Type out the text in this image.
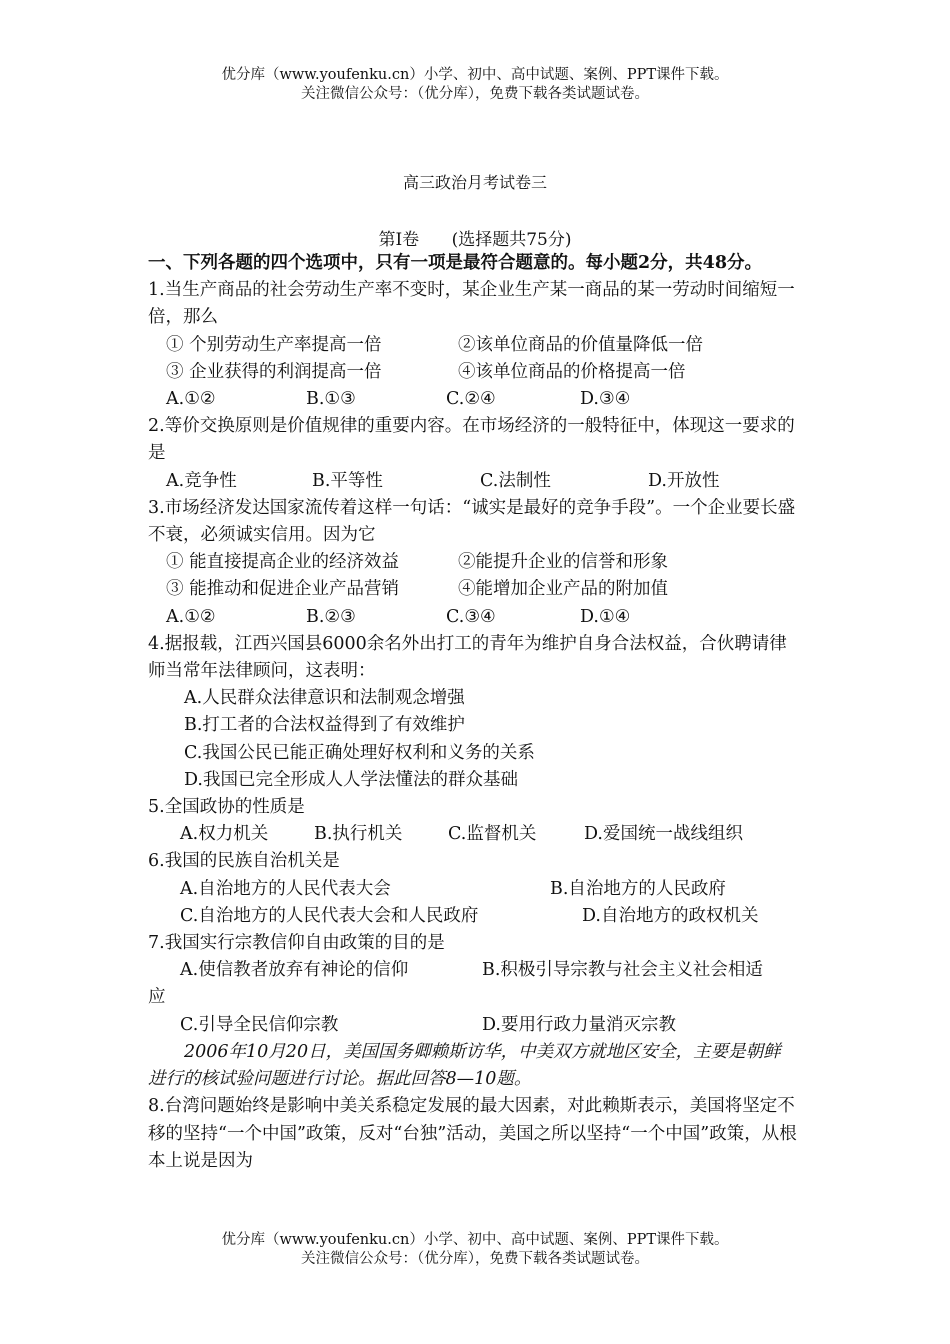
优分库（www.youfenku.cn）小学、初中、高中试题、案例、PPT课件下载。
关注微信公众号：（优分库），免费下载各类试题试卷。
高三政治月考试卷三
第Ⅰ卷      (选择题共75分)
一、下列各题的四个选项中，只有一项是最符合题意的。每小题2分，共48分。
1.当生产商品的社会劳动生产率不变时，某企业生产某一商品的某一劳动时间缩短一倍，那么
① 个别劳动生产率提高一倍	②该单位商品的价值量降低一倍
③ 企业获得的利润提高一倍	④该单位商品的价格提高一倍
A.①②	B.①③	C.②④	D.③④
2.等价交换原则是价值规律的重要内容。在市场经济的一般特征中，体现这一要求的是
A.竞争性	B.平等性	C.法制性	D.开放性
3.市场经济发达国家流传着这样一句话：“诚实是最好的竞争手段”。一个企业要长盛不衰，必须诚实信用。因为它
① 能直接提高企业的经济效益	②能提升企业的信誉和形象
③ 能推动和促进企业产品营销	④能增加企业产品的附加值
A.①②	B.②③	C.③④	D.①④
4.据报载，江西兴国县6000余名外出打工的青年为维护自身合法权益，合伙聘请律师当常年法律顾问，这表明：
A.人民群众法律意识和法制观念增强
B.打工者的合法权益得到了有效维护
C.我国公民已能正确处理好权利和义务的关系
D.我国已完全形成人人学法懂法的群众基础
5.全国政协的性质是
A.权力机关	B.执行机关	C.监督机关	D.爱国统一战线组织
6.我国的民族自治机关是
A.自治地方的人民代表大会	B.自治地方的人民政府
C.自治地方的人民代表大会和人民政府	D.自治地方的政权机关
7.我国实行宗教信仰自由政策的目的是
A.使信教者放弃有神论的信仰	B.积极引导宗教与社会主义社会相适
应
C.引导全民信仰宗教	D.要用行政力量消灭宗教
2006年10月20日，美国国务卿赖斯访华，中美双方就地区安全，主要是朝鲜进行的核试验问题进行讨论。据此回答8—10题。
8.台湾问题始终是影响中美关系稳定发展的最大因素，对此赖斯表示，美国将坚定不移的坚持“一个中国”政策，反对“台独”活动，美国之所以坚持“一个中国”政策，从根本上说是因为
优分库（www.youfenku.cn）小学、初中、高中试题、案例、PPT课件下载。
关注微信公众号：（优分库），免费下载各类试题试卷。
